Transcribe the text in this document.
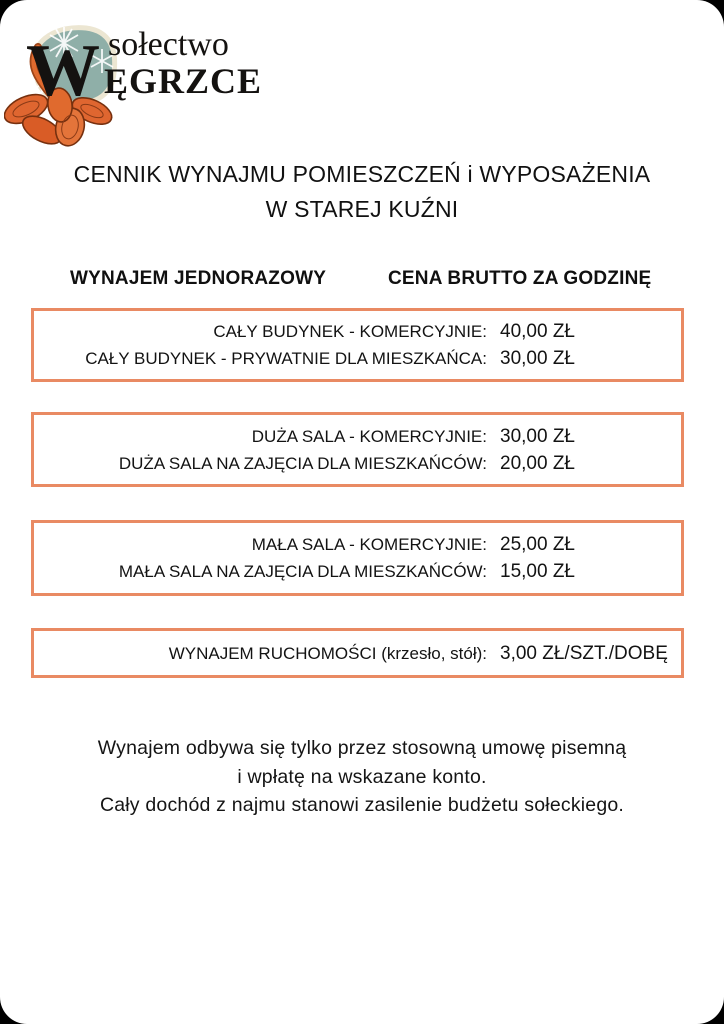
W ĘGRZCE
sołectwo
CENNIK WYNAJMU POMIESZCZEŃ i WYPOSAŻENIA
W STAREJ KUŹNI
WYNAJEM JEDNORAZOWY	CENA BRUTTO ZA GODZINĘ
CAŁY BUDYNEK - KOMERCYJNIE: 40,00 ZŁ
CAŁY BUDYNEK - PRYWATNIE DLA MIESZKAŃCA: 30,00 ZŁ
DUŻA SALA - KOMERCYJNIE: 30,00 ZŁ
DUŻA SALA NA ZAJĘCIA DLA MIESZKAŃCÓW: 20,00 ZŁ
MAŁA SALA - KOMERCYJNIE: 25,00 ZŁ
MAŁA SALA NA ZAJĘCIA DLA MIESZKAŃCÓW: 15,00 ZŁ
WYNAJEM RUCHOMOŚCI (krzesło, stół): 3,00 ZŁ/SZT./DOBĘ
Wynajem odbywa się tylko przez stosowną umowę pisemną
i wpłatę na wskazane konto.
Cały dochód z najmu stanowi zasilenie budżetu sołeckiego.
